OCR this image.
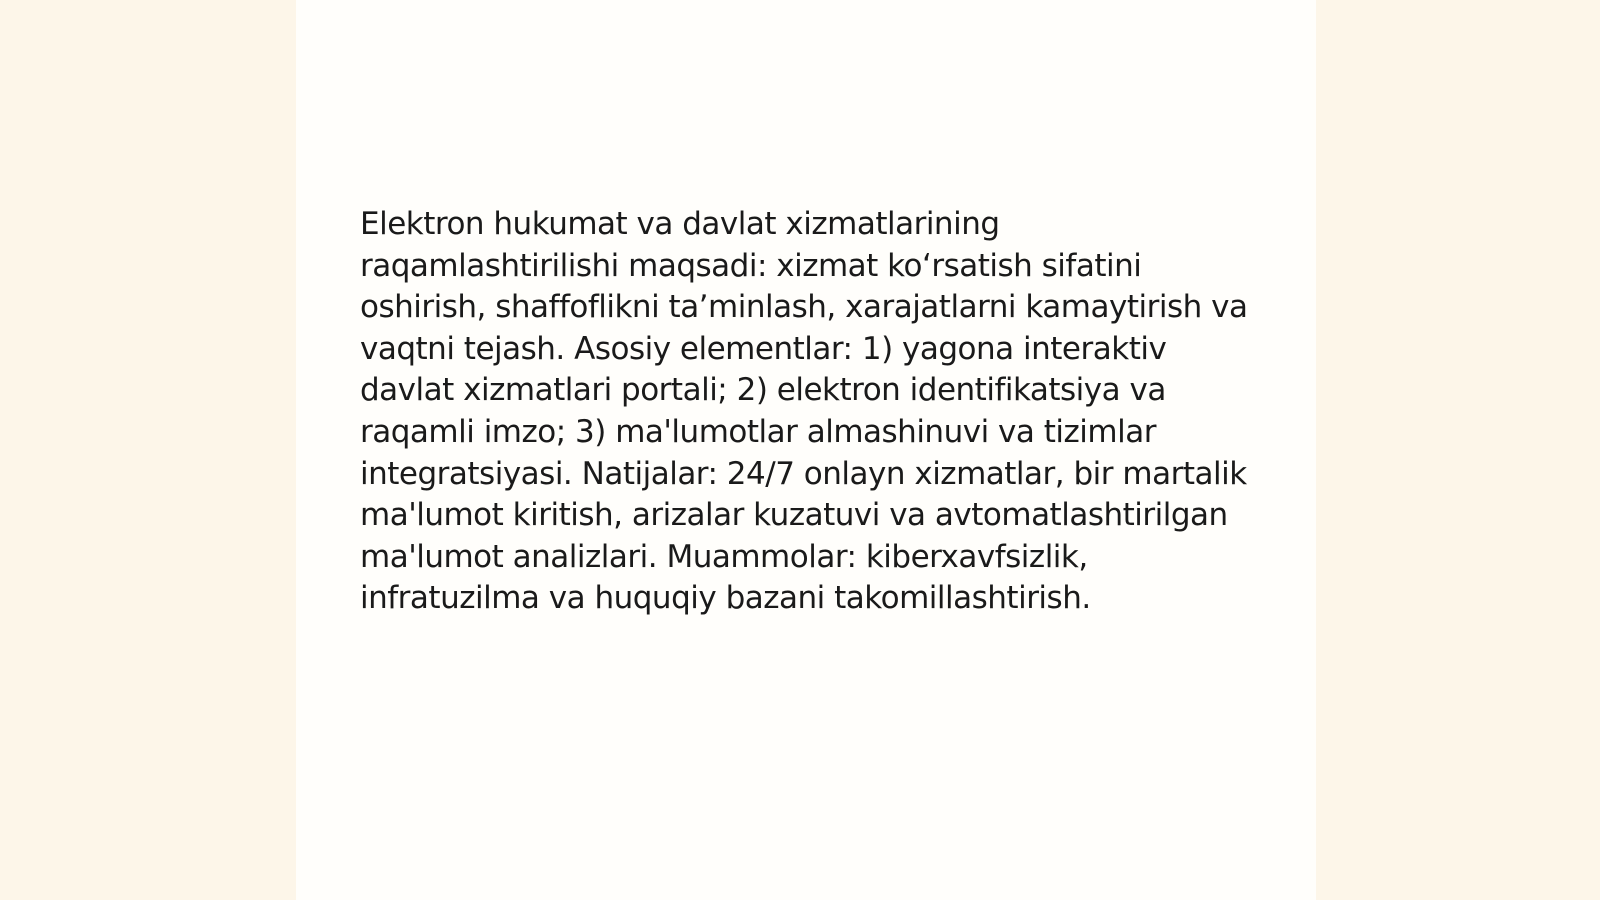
Elektron hukumat va davlat xizmatlarining raqamlashtirilishi maqsadi: xizmat koʻrsatish sifatini oshirish, shaffoflikni taʼminlash, xarajatlarni kamaytirish va vaqtni tejash. Asosiy elementlar: 1) yagona interaktiv davlat xizmatlari portali; 2) elektron identifikatsiya va raqamli imzo; 3) ma'lumotlar almashinuvi va tizimlar integratsiyasi. Natijalar: 24/7 onlayn xizmatlar, bir martalik ma'lumot kiritish, arizalar kuzatuvi va avtomatlashtirilgan ma'lumot analizlari. Muammolar: kiberxavfsizlik, infratuzilma va huquqiy bazani takomillashtirish.
